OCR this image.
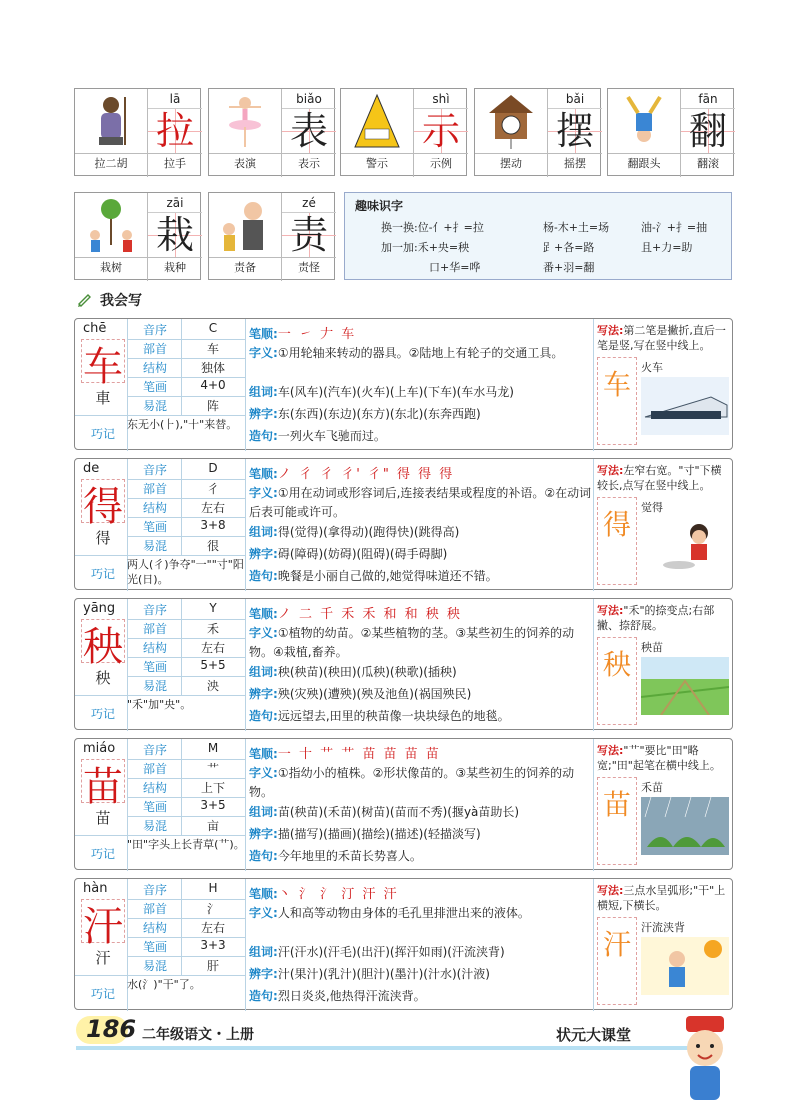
lā
拉
拉二胡	拉手
biǎo
表
表演	表示
shì
示
警示	示例
bǎi
摆
摆动	摇摆
fān
翻
翻跟头	翻滚
zāi
栽
栽树	栽种
zé
责
责备	责怪
趣味识字
换一换:位-亻+扌=拉	杨-木+土=场	油-氵+扌=抽
加一加:禾+央=秧	𧾷+各=路	且+力=助
口+华=哗	番+羽=翻
我会写
chē
车
車
音序	C
部首	车
结构	独体
笔画	4+0
易混	阵
巧记
东无小(⺊),"十"来替。
笔顺:一 ㇀ 𠂇 车
字义:①用轮轴来转动的器具。②陆地上有轮子的交通工具。
组词:车(风车)(汽车)(火车)(上车)(下车)(车水马龙)
辨字:东(东西)(东边)(东方)(东北)(东奔西跑)
造句:一列火车飞驰而过。
写法:第二笔是撇折,直后一笔是竖,写在竖中线上。
车
火车
de
得
得
音序	D
部首	彳
结构	左右
笔画	3+8
易混	很
巧记
两人(彳)争夺"一""寸"阳光(日)。
笔顺:ノ 彳 彳 彳' 彳" 得 得 得
字义:①用在动词或形容词后,连接表结果或程度的补语。②在动词后表可能或许可。
组词:得(觉得)(拿得动)(跑得快)(跳得高)
辨字:碍(障碍)(妨碍)(阻碍)(碍手碍脚)
造句:晚餐是小丽自己做的,她觉得味道还不错。
写法:左窄右宽。"寸"下横较长,点写在竖中线上。
得
觉得
yāng
秧
秧
音序	Y
部首	禾
结构	左右
笔画	5+5
易混	泱
巧记
"禾"加"央"。
笔顺:ノ 二 千 禾 禾 和 和 秧 秧
字义:①植物的幼苗。②某些植物的茎。③某些初生的饲养的动物。④栽植,畜养。
组词:秧(秧苗)(秧田)(瓜秧)(秧歌)(插秧)
辨字:殃(灾殃)(遭殃)(殃及池鱼)(祸国殃民)
造句:远远望去,田里的秧苗像一块块绿色的地毯。
写法:"禾"的捺变点;右部撇、捺舒展。
秧
秧苗
miáo
苗
苗
音序	M
部首	艹
结构	上下
笔画	3+5
易混	亩
巧记
"田"字头上长青草(艹)。
笔顺:一 十 艹 艹 苗 苗 苗 苗
字义:①指幼小的植株。②形状像苗的。③某些初生的饲养的动物。
组词:苗(秧苗)(禾苗)(树苗)(苗而不秀)(揠yà苗助长)
辨字:描(描写)(描画)(描绘)(描述)(轻描淡写)
造句:今年地里的禾苗长势喜人。
写法:"艹"要比"田"略宽;"田"起笔在横中线上。
苗
禾苗
hàn
汗
汗
音序	H
部首	氵
结构	左右
笔画	3+3
易混	肝
巧记
水(氵)"干"了。
笔顺:丶 氵 氵 汀 汗 汗
字义:人和高等动物由身体的毛孔里排泄出来的液体。
组词:汗(汗水)(汗毛)(出汗)(挥汗如雨)(汗流浃背)
辨字:汁(果汁)(乳汁)(胆汁)(墨汁)(汁水)(汁液)
造句:烈日炎炎,他热得汗流浃背。
写法:三点水呈弧形;"干"上横短,下横长。
汗
汗流浃背
186 二年级语文・上册	状元大课堂
